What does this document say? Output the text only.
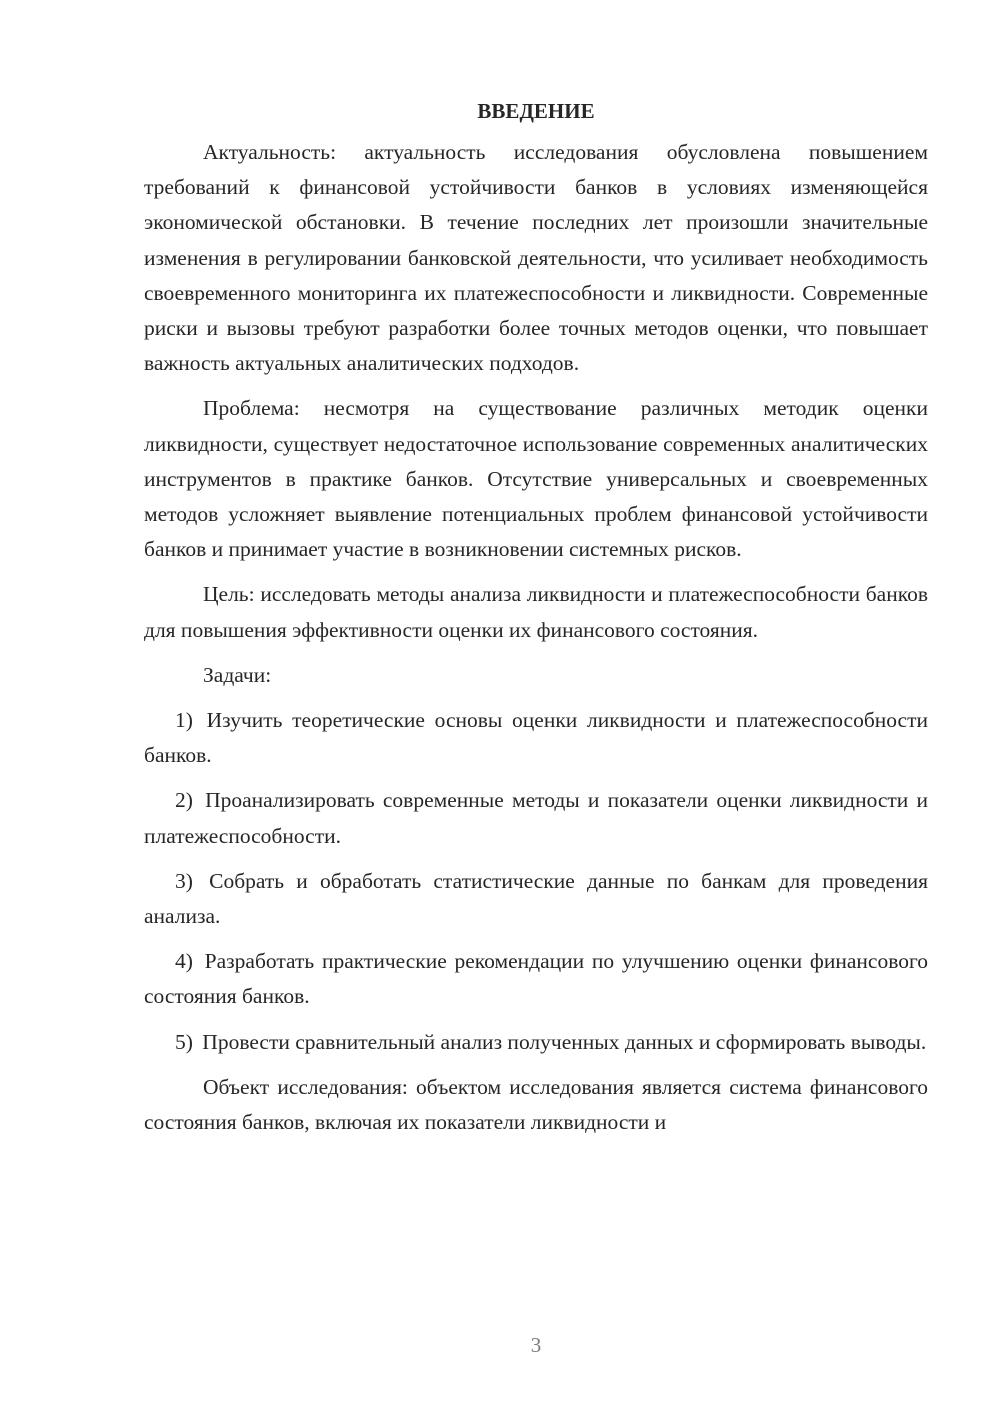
ВВЕДЕНИЕ

Актуальность: актуальность исследования обусловлена повышением требований к финансовой устойчивости банков в условиях изменяющейся экономической обстановки. В течение последних лет произошли значительные изменения в регулировании банковской деятельности, что усиливает необходимость своевременного мониторинга их платежеспособности и ликвидности. Современные риски и вызовы требуют разработки более точных методов оценки, что повышает важность актуальных аналитических подходов.

Проблема: несмотря на существование различных методик оценки ликвидности, существует недостаточное использование современных аналитических инструментов в практике банков. Отсутствие универсальных и своевременных методов усложняет выявление потенциальных проблем финансовой устойчивости банков и принимает участие в возникновении системных рисков.

Цель: исследовать методы анализа ликвидности и платежеспособности банков для повышения эффективности оценки их финансового состояния.

Задачи:

1) Изучить теоретические основы оценки ликвидности и платежеспособности банков.

2) Проанализировать современные методы и показатели оценки ликвидности и платежеспособности.

3) Собрать и обработать статистические данные по банкам для проведения анализа.

4) Разработать практические рекомендации по улучшению оценки финансового состояния банков.

5) Провести сравнительный анализ полученных данных и сформировать выводы.

Объект исследования: объектом исследования является система финансового состояния банков, включая их показатели ликвидности и

3
